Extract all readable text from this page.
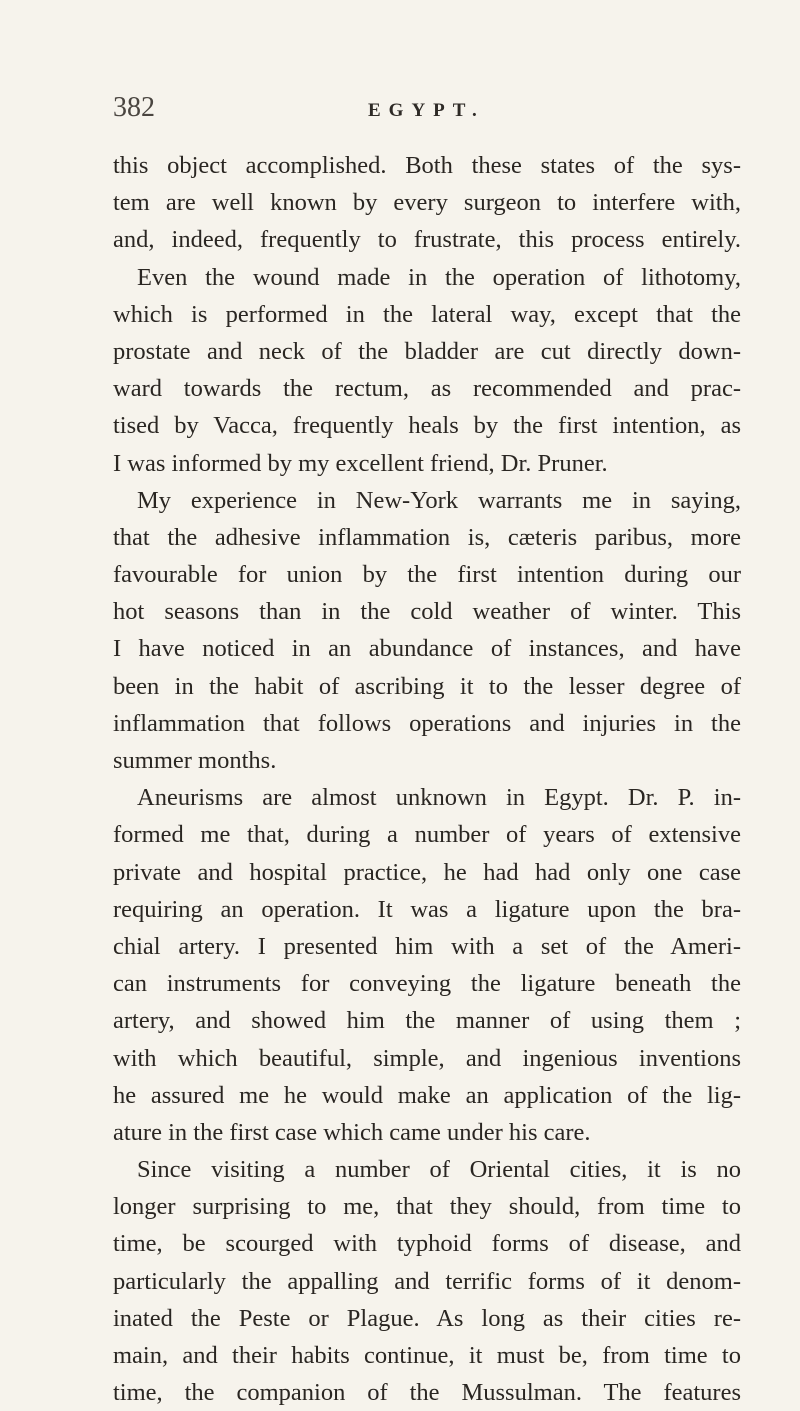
382	EGYPT.
this object accomplished. Both these states of the sys-
tem are well known by every surgeon to interfere with,
and, indeed, frequently to frustrate, this process entirely.
Even the wound made in the operation of lithotomy,
which is performed in the lateral way, except that the
prostate and neck of the bladder are cut directly down-
ward towards the rectum, as recommended and prac-
tised by Vacca, frequently heals by the first intention, as
I was informed by my excellent friend, Dr. Pruner.
My experience in New-York warrants me in saying,
that the adhesive inflammation is, cæteris paribus, more
favourable for union by the first intention during our
hot seasons than in the cold weather of winter. This
I have noticed in an abundance of instances, and have
been in the habit of ascribing it to the lesser degree of
inflammation that follows operations and injuries in the
summer months.
Aneurisms are almost unknown in Egypt. Dr. P. in-
formed me that, during a number of years of extensive
private and hospital practice, he had had only one case
requiring an operation. It was a ligature upon the bra-
chial artery. I presented him with a set of the Ameri-
can instruments for conveying the ligature beneath the
artery, and showed him the manner of using them ;
with which beautiful, simple, and ingenious inventions
he assured me he would make an application of the lig-
ature in the first case which came under his care.
Since visiting a number of Oriental cities, it is no
longer surprising to me, that they should, from time to
time, be scourged with typhoid forms of disease, and
particularly the appalling and terrific forms of it denom-
inated the Peste or Plague. As long as their cities re-
main, and their habits continue, it must be, from time to
time, the companion of the Mussulman. The features
